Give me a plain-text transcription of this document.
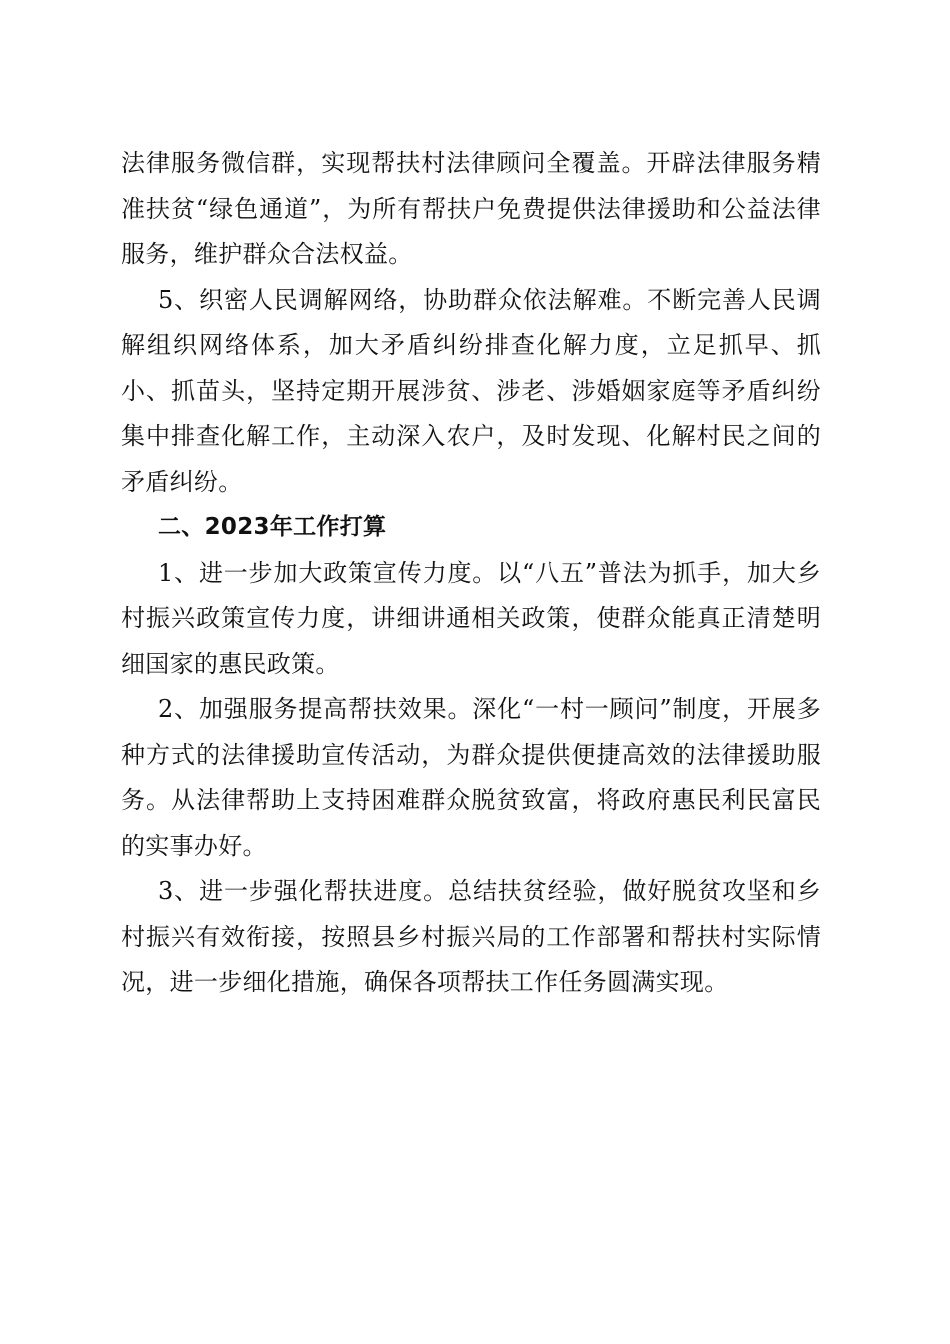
法律服务微信群，实现帮扶村法律顾问全覆盖。开辟法律服务精准扶贫“绿色通道”，为所有帮扶户免费提供法律援助和公益法律服务，维护群众合法权益。

5、织密人民调解网络，协助群众依法解难。不断完善人民调解组织网络体系，加大矛盾纠纷排查化解力度，立足抓早、抓小、抓苗头，坚持定期开展涉贫、涉老、涉婚姻家庭等矛盾纠纷集中排查化解工作，主动深入农户，及时发现、化解村民之间的矛盾纠纷。

二、2023年工作打算

1、进一步加大政策宣传力度。以“八五”普法为抓手，加大乡村振兴政策宣传力度，讲细讲通相关政策，使群众能真正清楚明细国家的惠民政策。

2、加强服务提高帮扶效果。深化“一村一顾问”制度，开展多种方式的法律援助宣传活动，为群众提供便捷高效的法律援助服务。从法律帮助上支持困难群众脱贫致富，将政府惠民利民富民的实事办好。

3、进一步强化帮扶进度。总结扶贫经验，做好脱贫攻坚和乡村振兴有效衔接，按照县乡村振兴局的工作部署和帮扶村实际情况，进一步细化措施，确保各项帮扶工作任务圆满实现。
